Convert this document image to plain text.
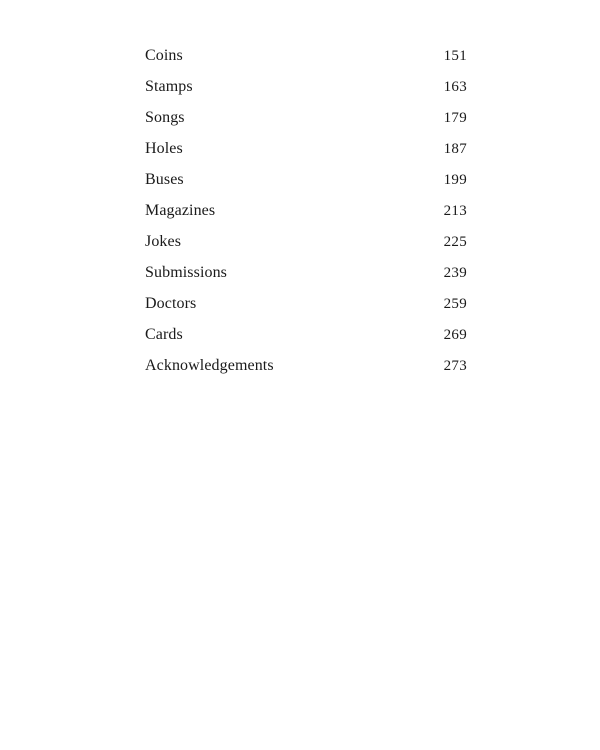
Coins	151
Stamps	163
Songs	179
Holes	187
Buses	199
Magazines	213
Jokes	225
Submissions	239
Doctors	259
Cards	269
Acknowledgements	273
